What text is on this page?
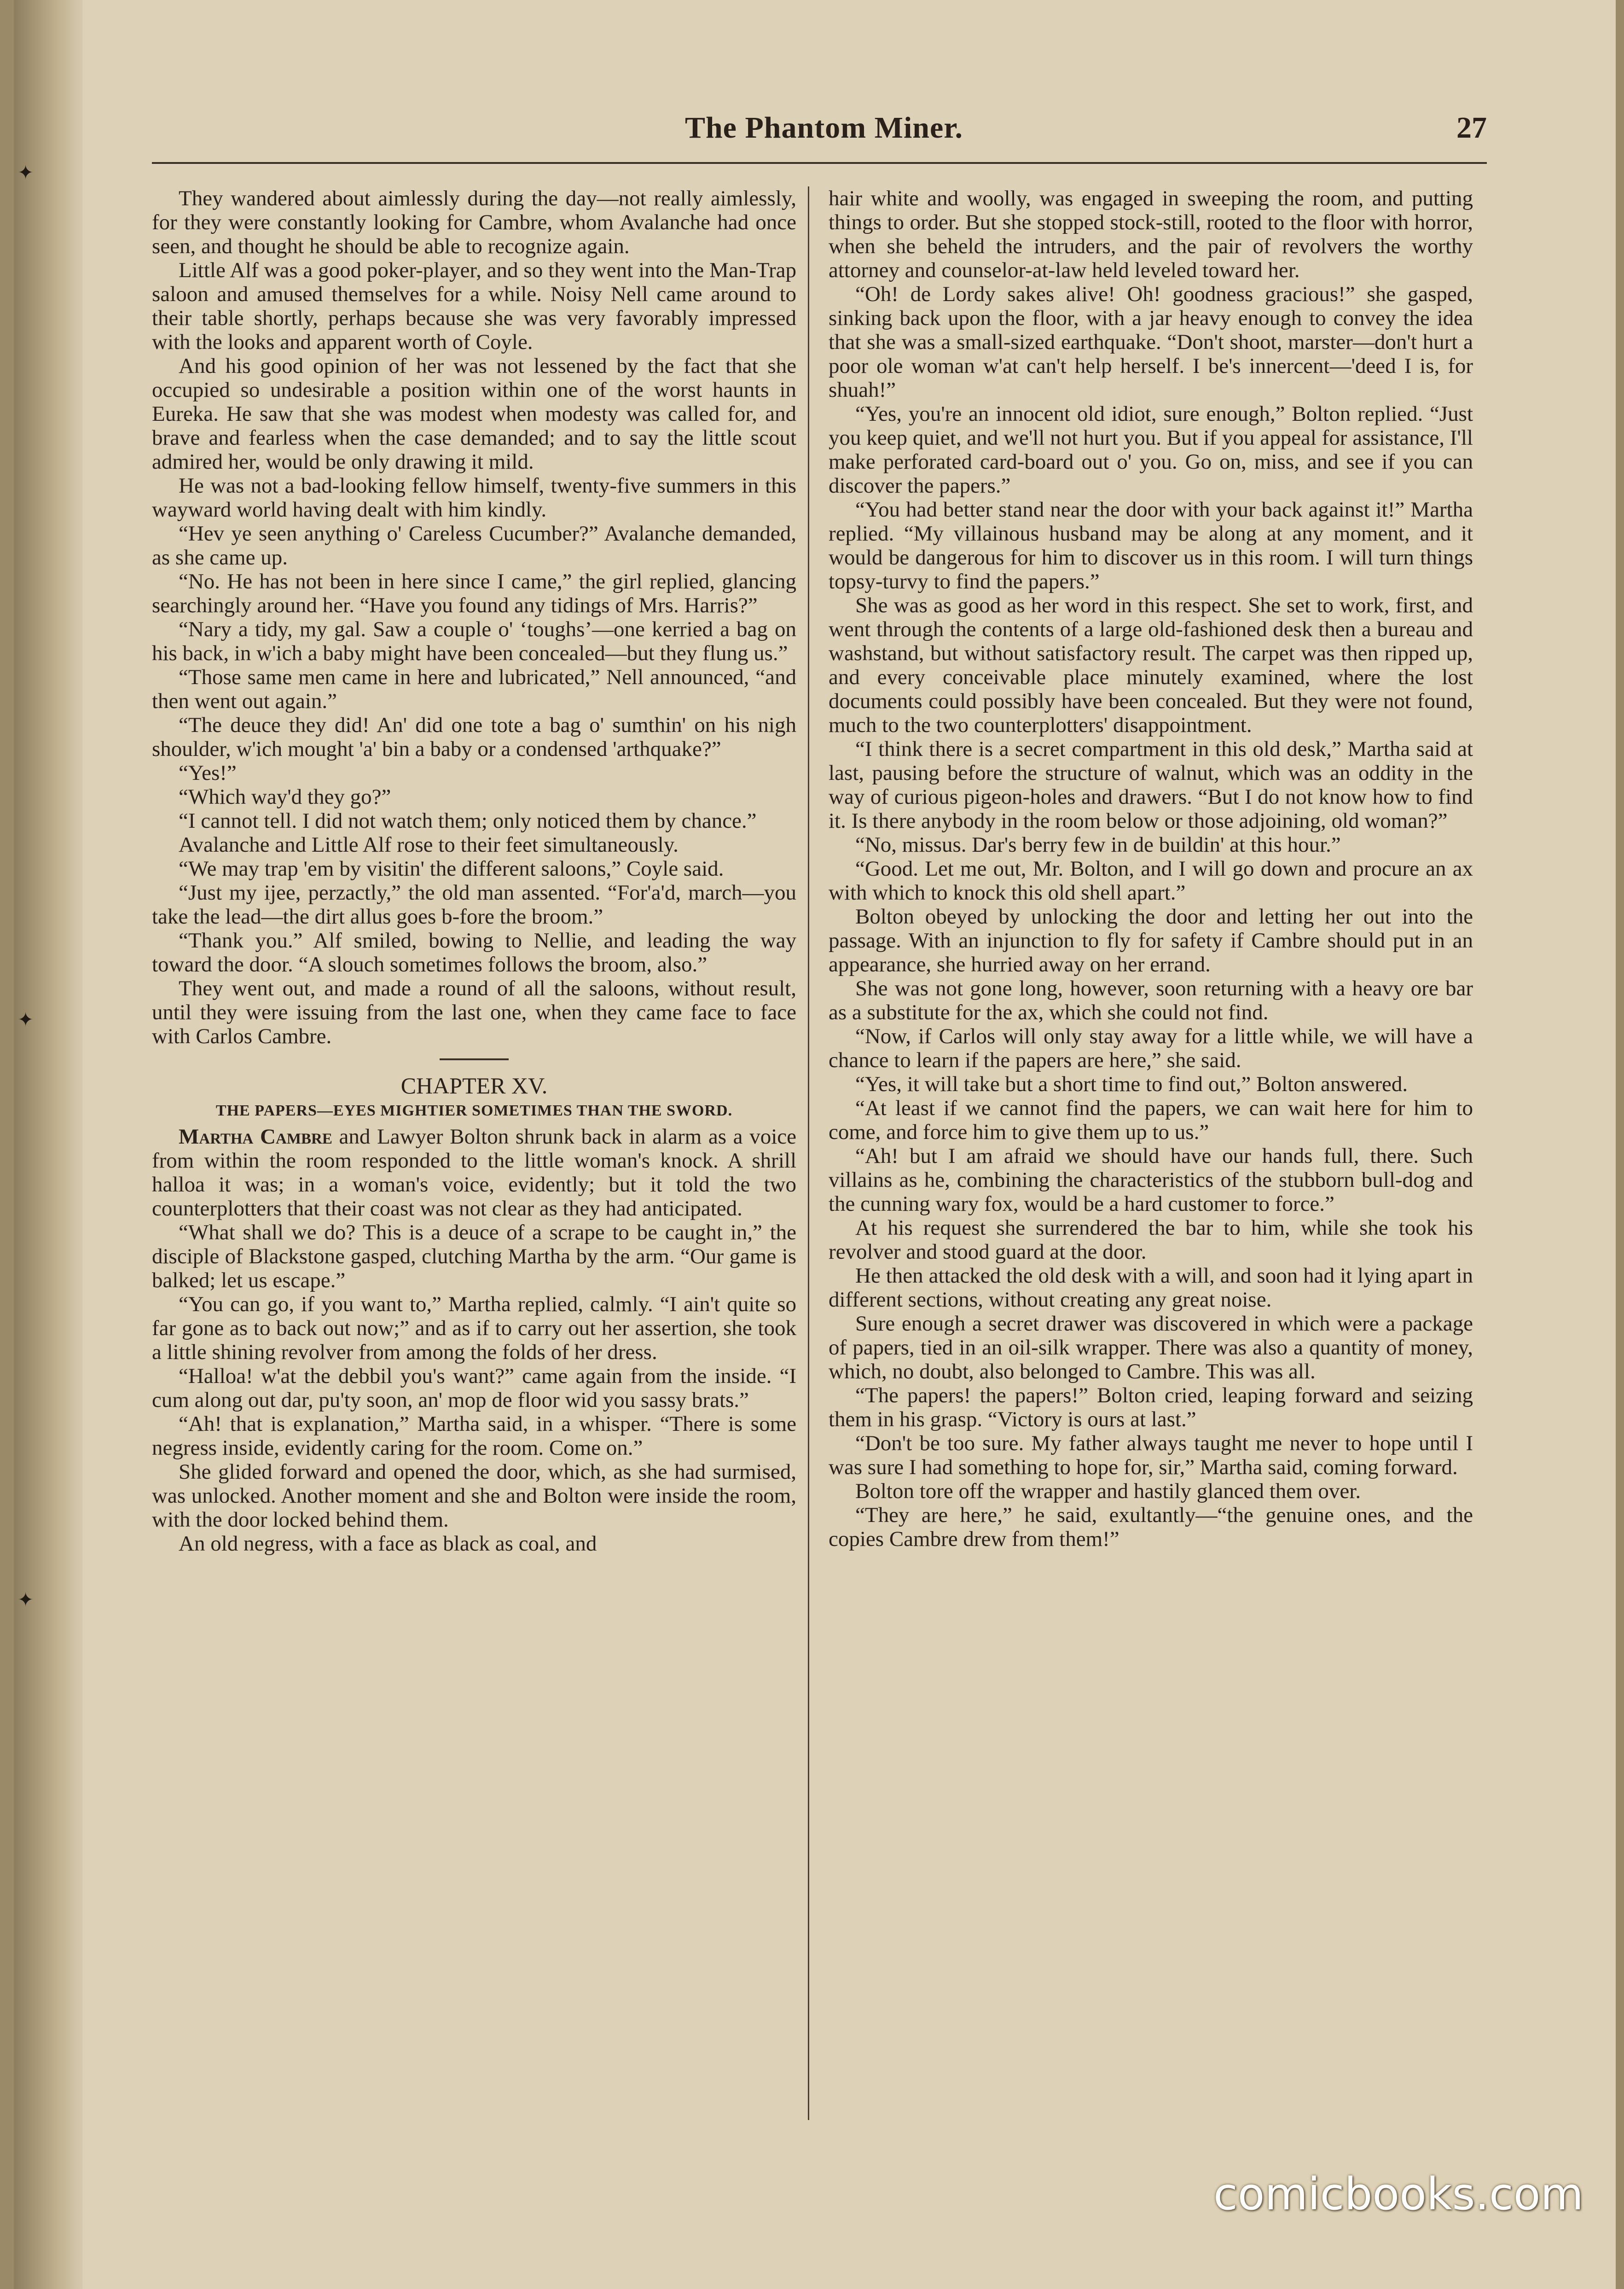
✦
✦
✦
The Phantom Miner.	27

They wandered about aimlessly during the day—not really aimlessly, for they were constantly looking for Cambre, whom Avalanche had once seen, and thought he should be able to recognize again.

Little Alf was a good poker-player, and so they went into the Man-Trap saloon and amused themselves for a while. Noisy Nell came around to their table shortly, perhaps because she was very favorably impressed with the looks and apparent worth of Coyle.

And his good opinion of her was not lessened by the fact that she occupied so undesirable a position within one of the worst haunts in Eureka. He saw that she was modest when modesty was called for, and brave and fearless when the case demanded; and to say the little scout admired her, would be only drawing it mild.

He was not a bad-looking fellow himself, twenty-five summers in this wayward world having dealt with him kindly.

“Hev ye seen anything o' Careless Cucumber?” Avalanche demanded, as she came up.

“No. He has not been in here since I came,” the girl replied, glancing searchingly around her. “Have you found any tidings of Mrs. Harris?”

“Nary a tidy, my gal. Saw a couple o' ‘toughs’—one kerried a bag on his back, in w'ich a baby might have been concealed—but they flung us.”

“Those same men came in here and lubricated,” Nell announced, “and then went out again.”

“The deuce they did! An' did one tote a bag o' sumthin' on his nigh shoulder, w'ich mought 'a' bin a baby or a condensed 'arthquake?”

“Yes!”

“Which way'd they go?”

“I cannot tell. I did not watch them; only noticed them by chance.”

Avalanche and Little Alf rose to their feet simultaneously.

“We may trap 'em by visitin' the different saloons,” Coyle said.

“Just my ijee, perzactly,” the old man assented. “For'a'd, march—you take the lead—the dirt allus goes b-fore the broom.”

“Thank you.” Alf smiled, bowing to Nellie, and leading the way toward the door. “A slouch sometimes follows the broom, also.”

They went out, and made a round of all the saloons, without result, until they were issuing from the last one, when they came face to face with Carlos Cambre.

CHAPTER XV.
THE PAPERS—EYES MIGHTIER SOMETIMES THAN THE SWORD.

Martha Cambre and Lawyer Bolton shrunk back in alarm as a voice from within the room responded to the little woman's knock. A shrill halloa it was; in a woman's voice, evidently; but it told the two counterplotters that their coast was not clear as they had anticipated.

“What shall we do? This is a deuce of a scrape to be caught in,” the disciple of Blackstone gasped, clutching Martha by the arm. “Our game is balked; let us escape.”

“You can go, if you want to,” Martha replied, calmly. “I ain't quite so far gone as to back out now;” and as if to carry out her assertion, she took a little shining revolver from among the folds of her dress.

“Halloa! w'at the debbil you's want?” came again from the inside. “I cum along out dar, pu'ty soon, an' mop de floor wid you sassy brats.”

“Ah! that is explanation,” Martha said, in a whisper. “There is some negress inside, evidently caring for the room. Come on.”

She glided forward and opened the door, which, as she had surmised, was unlocked. Another moment and she and Bolton were inside the room, with the door locked behind them.

An old negress, with a face as black as coal, and

hair white and woolly, was engaged in sweeping the room, and putting things to order. But she stopped stock-still, rooted to the floor with horror, when she beheld the intruders, and the pair of revolvers the worthy attorney and counselor-at-law held leveled toward her.

“Oh! de Lordy sakes alive! Oh! goodness gracious!” she gasped, sinking back upon the floor, with a jar heavy enough to convey the idea that she was a small-sized earthquake. “Don't shoot, marster—don't hurt a poor ole woman w'at can't help herself. I be's innercent—'deed I is, for shuah!”

“Yes, you're an innocent old idiot, sure enough,” Bolton replied. “Just you keep quiet, and we'll not hurt you. But if you appeal for assistance, I'll make perforated card-board out o' you. Go on, miss, and see if you can discover the papers.”

“You had better stand near the door with your back against it!” Martha replied. “My villainous husband may be along at any moment, and it would be dangerous for him to discover us in this room. I will turn things topsy-turvy to find the papers.”

She was as good as her word in this respect. She set to work, first, and went through the contents of a large old-fashioned desk then a bureau and washstand, but without satisfactory result. The carpet was then ripped up, and every conceivable place minutely examined, where the lost documents could possibly have been concealed. But they were not found, much to the two counterplotters' disappointment.

“I think there is a secret compartment in this old desk,” Martha said at last, pausing before the structure of walnut, which was an oddity in the way of curious pigeon-holes and drawers. “But I do not know how to find it. Is there anybody in the room below or those adjoining, old woman?”

“No, missus. Dar's berry few in de buildin' at this hour.”

“Good. Let me out, Mr. Bolton, and I will go down and procure an ax with which to knock this old shell apart.”

Bolton obeyed by unlocking the door and letting her out into the passage. With an injunction to fly for safety if Cambre should put in an appearance, she hurried away on her errand.

She was not gone long, however, soon returning with a heavy ore bar as a substitute for the ax, which she could not find.

“Now, if Carlos will only stay away for a little while, we will have a chance to learn if the papers are here,” she said.

“Yes, it will take but a short time to find out,” Bolton answered.

“At least if we cannot find the papers, we can wait here for him to come, and force him to give them up to us.”

“Ah! but I am afraid we should have our hands full, there. Such villains as he, combining the characteristics of the stubborn bull-dog and the cunning wary fox, would be a hard customer to force.”

At his request she surrendered the bar to him, while she took his revolver and stood guard at the door.

He then attacked the old desk with a will, and soon had it lying apart in different sections, without creating any great noise.

Sure enough a secret drawer was discovered in which were a package of papers, tied in an oil-silk wrapper. There was also a quantity of money, which, no doubt, also belonged to Cambre. This was all.

“The papers! the papers!” Bolton cried, leaping forward and seizing them in his grasp. “Victory is ours at last.”

“Don't be too sure. My father always taught me never to hope until I was sure I had something to hope for, sir,” Martha said, coming forward.

Bolton tore off the wrapper and hastily glanced them over.

“They are here,” he said, exultantly—“the genuine ones, and the copies Cambre drew from them!”

comicbooks.com
